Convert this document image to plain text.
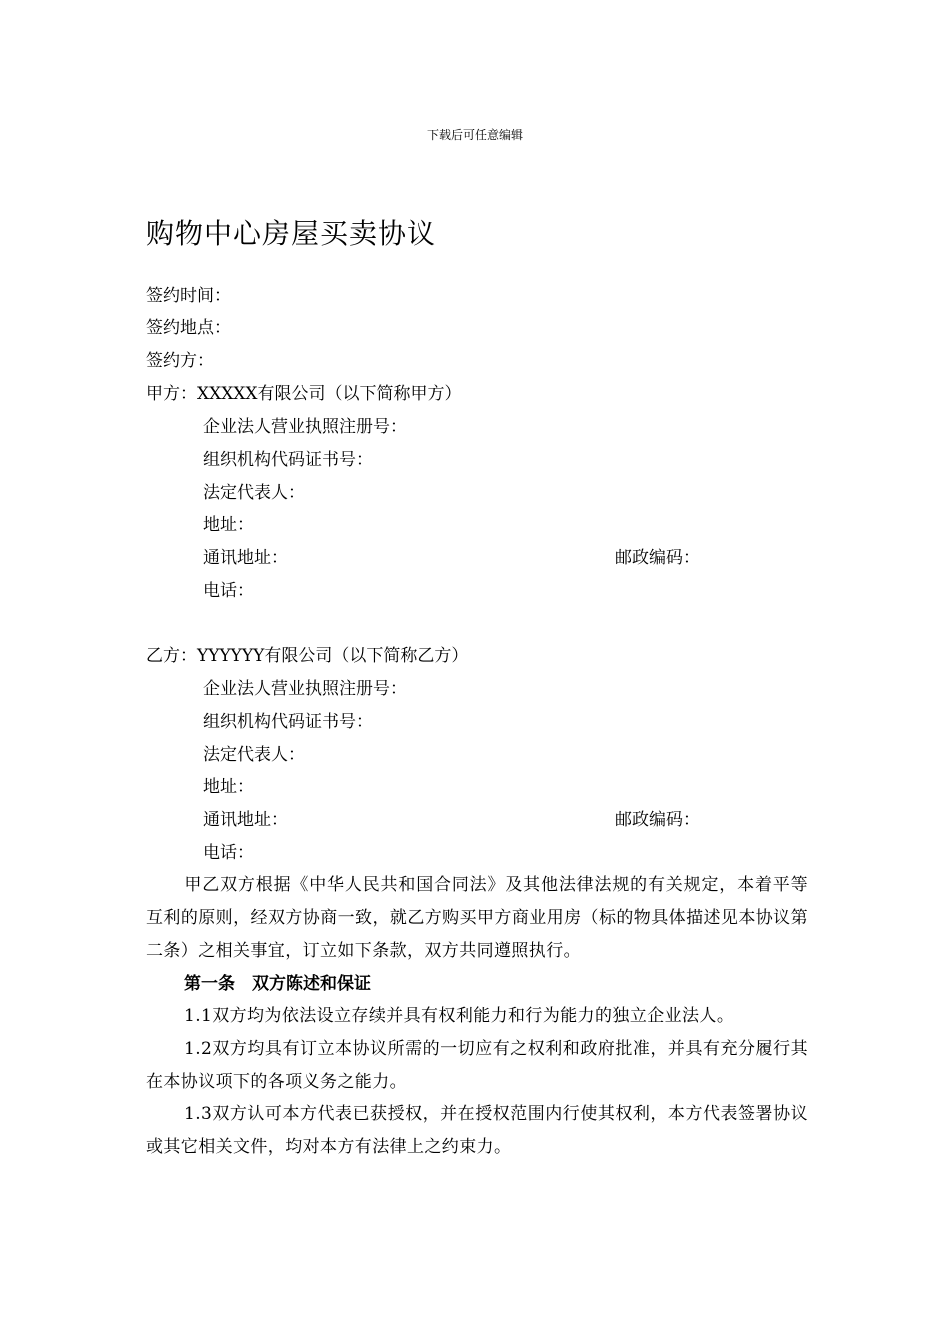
下载后可任意编辑
购物中心房屋买卖协议
签约时间：
签约地点：
签约方：
甲方：XXXXX有限公司（以下简称甲方）
企业法人营业执照注册号：
组织机构代码证书号：
法定代表人：
地址：
通讯地址：	邮政编码：
电话：
乙方：YYYYYY有限公司（以下简称乙方）
企业法人营业执照注册号：
组织机构代码证书号：
法定代表人：
地址：
通讯地址：	邮政编码：
电话：
甲乙双方根据《中华人民共和国合同法》及其他法律法规的有关规定，本着平等互利的原则，经双方协商一致，就乙方购买甲方商业用房（标的物具体描述见本协议第二条）之相关事宜，订立如下条款，双方共同遵照执行。
第一条　双方陈述和保证
1.1双方均为依法设立存续并具有权利能力和行为能力的独立企业法人。
1.2双方均具有订立本协议所需的一切应有之权利和政府批准，并具有充分履行其在本协议项下的各项义务之能力。
1.3双方认可本方代表已获授权，并在授权范围内行使其权利，本方代表签署协议或其它相关文件，均对本方有法律上之约束力。
